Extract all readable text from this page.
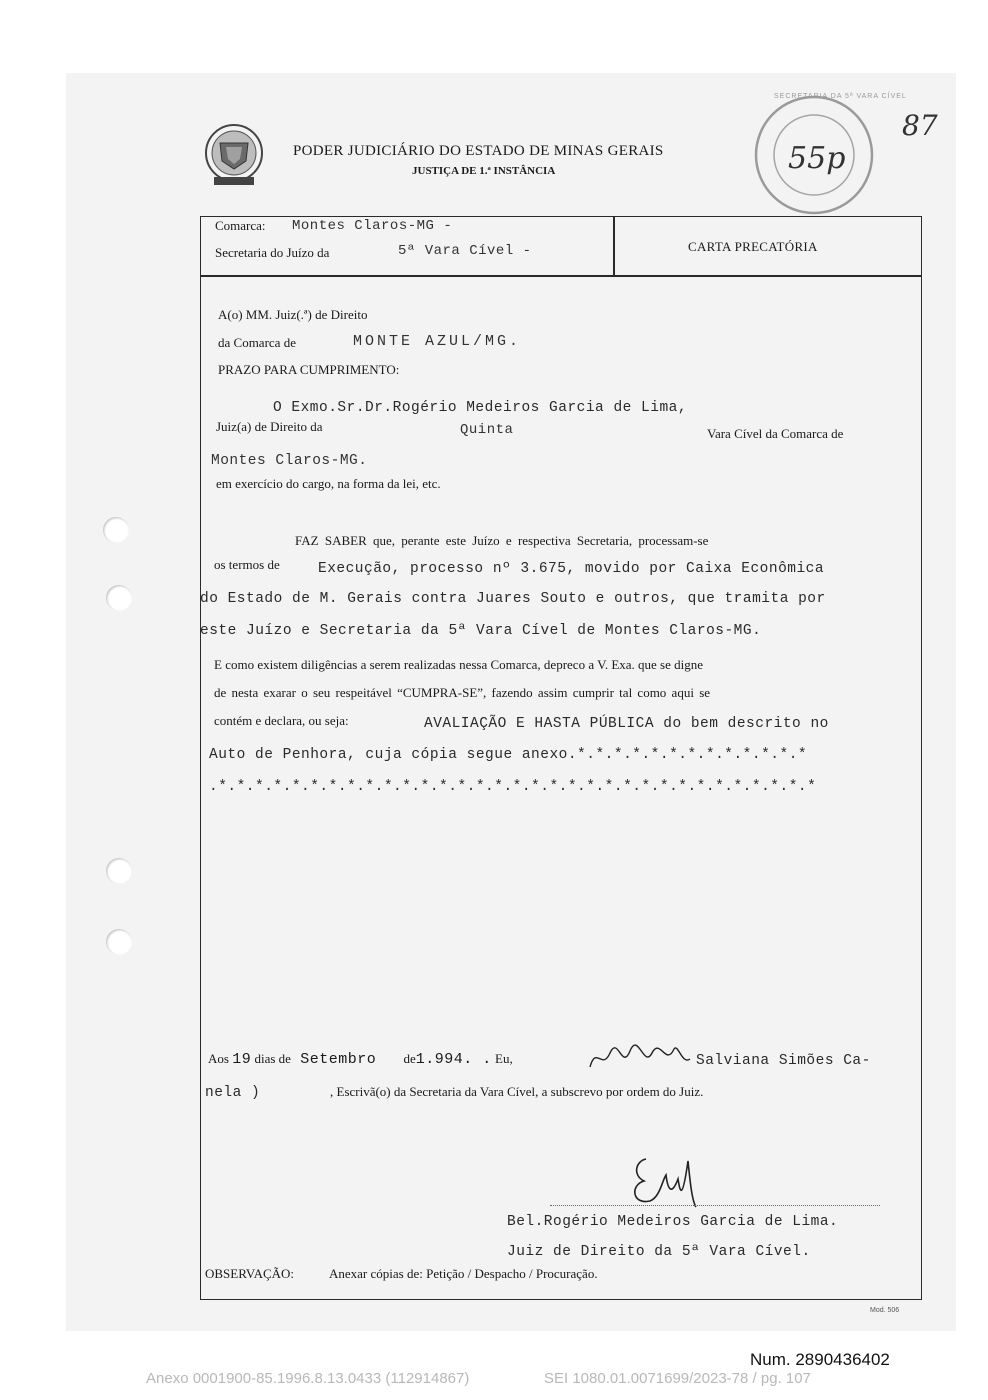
PODER JUDICIÁRIO DO ESTADO DE MINAS GERAIS
JUSTIÇA DE 1.ª INSTÂNCIA	55p
SECRETARIA DA 5ª VARA CÍVEL
87
Comarca: Montes Claros-MG -
Secretaria do Juízo da	5ª Vara Cível -	CARTA PRECATÓRIA
A(o) MM. Juiz(.ª) de Direito
da Comarca de	MONTE AZUL/MG.
PRAZO PARA CUMPRIMENTO:
O Exmo.Sr.Dr.Rogério Medeiros Garcia de Lima,
Juiz(a) de Direito da	Quinta	Vara Cível da Comarca de
Montes Claros-MG.
em exercício do cargo, na forma da lei, etc.
FAZ SABER que, perante este Juízo e respectiva Secretaria, processam-se
os termos de	Execução, processo nº 3.675, movido por Caixa Econômica
do Estado de M. Gerais contra Juares Souto e outros, que tramita por
este Juízo e Secretaria da 5ª Vara Cível de Montes Claros-MG.
E como existem diligências a serem realizadas nessa Comarca, depreco a V. Exa. que se digne
de nesta exarar o seu respeitável “CUMPRA-SE”, fazendo assim cumprir tal como aqui se
contém e declara, ou seja:	AVALIAÇÃO E HASTA PÚBLICA do bem descrito no
Auto de Penhora, cuja cópia segue anexo.*.*.*.*.*.*.*.*.*.*.*.*.*
.*.*.*.*.*.*.*.*.*.*.*.*.*.*.*.*.*.*.*.*.*.*.*.*.*.*.*.*.*.*.*.*.*
Aos 19 dias de Setembro de1.994. . Eu,	Salviana Simões Ca-
nela )	, Escrivã(o) da Secretaria da Vara Cível, a subscrevo por ordem do Juiz.
Bel.Rogério Medeiros Garcia de Lima.
Juiz de Direito da 5ª Vara Cível.
OBSERVAÇÃO:	Anexar cópias de: Petição / Despacho / Procuração.
Mod. 506
Num. 2890436402
Anexo 0001900-85.1996.8.13.0433 (112914867)	SEI 1080.01.0071699/2023-78 / pg. 107
